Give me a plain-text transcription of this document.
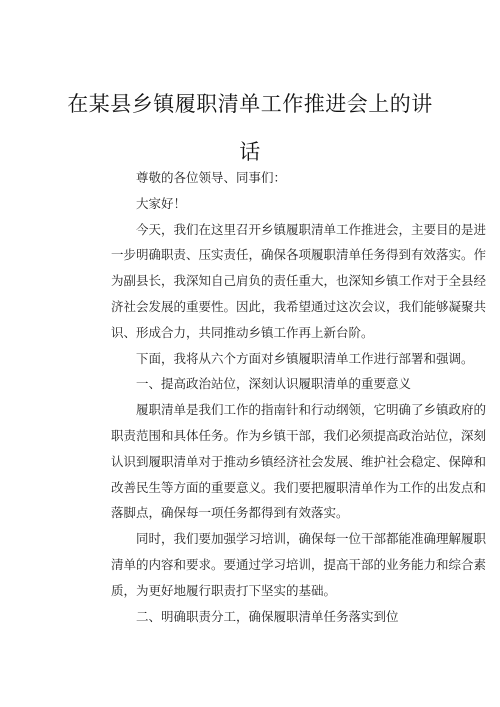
在某县乡镇履职清单工作推进会上的讲
话

尊敬的各位领导、同事们：

大家好！

今天，我们在这里召开乡镇履职清单工作推进会，主要目的是进
一步明确职责、压实责任，确保各项履职清单任务得到有效落实。作
为副县长，我深知自己肩负的责任重大，也深知乡镇工作对于全县经
济社会发展的重要性。因此，我希望通过这次会议，我们能够凝聚共
识、形成合力，共同推动乡镇工作再上新台阶。

下面，我将从六个方面对乡镇履职清单工作进行部署和强调。

一、提高政治站位，深刻认识履职清单的重要意义

履职清单是我们工作的指南针和行动纲领，它明确了乡镇政府的
职责范围和具体任务。作为乡镇干部，我们必须提高政治站位，深刻
认识到履职清单对于推动乡镇经济社会发展、维护社会稳定、保障和
改善民生等方面的重要意义。我们要把履职清单作为工作的出发点和
落脚点，确保每一项任务都得到有效落实。

同时，我们要加强学习培训，确保每一位干部都能准确理解履职
清单的内容和要求。要通过学习培训，提高干部的业务能力和综合素
质，为更好地履行职责打下坚实的基础。

二、明确职责分工，确保履职清单任务落实到位
